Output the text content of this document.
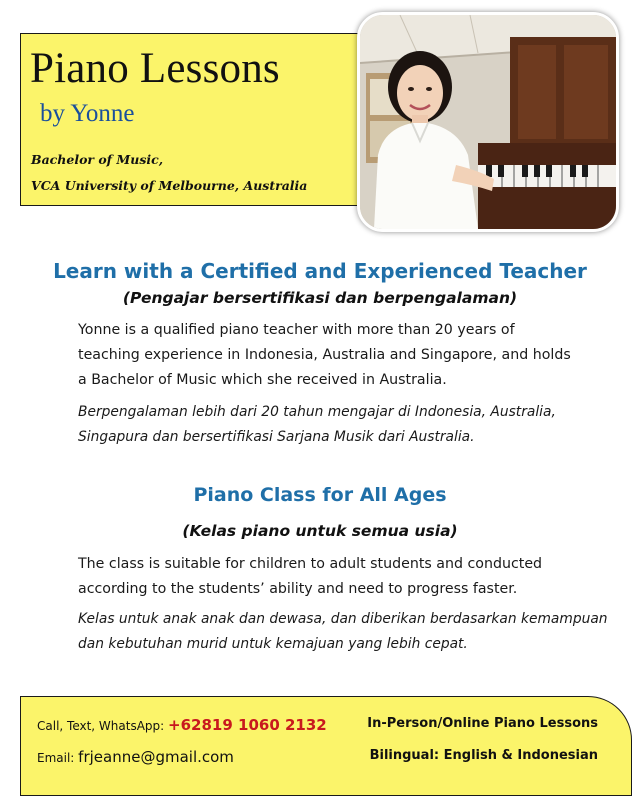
Piano Lessons
by Yonne
Bachelor of Music,
VCA University of Melbourne, Australia
Learn with a Certified and Experienced Teacher
(Pengajar bersertifikasi dan berpengalaman)

Yonne is a qualified piano teacher with more than 20 years of teaching experience in Indonesia, Australia and Singapore, and holds a Bachelor of Music which she received in Australia.

Berpengalaman lebih dari 20 tahun mengajar di Indonesia, Australia, Singapura dan bersertifikasi Sarjana Musik dari Australia.

Piano Class for All Ages
(Kelas piano untuk semua usia)

The class is suitable for children to adult students and conducted according to the students’ ability and need to progress faster.

Kelas untuk anak anak dan dewasa, dan diberikan berdasarkan kemampuan dan kebutuhan murid untuk kemajuan yang lebih cepat.

Call, Text, WhatsApp: +62819 1060 2132
Email: frjeanne@gmail.com
In-Person/Online Piano Lessons
Bilingual: English & Indonesian
